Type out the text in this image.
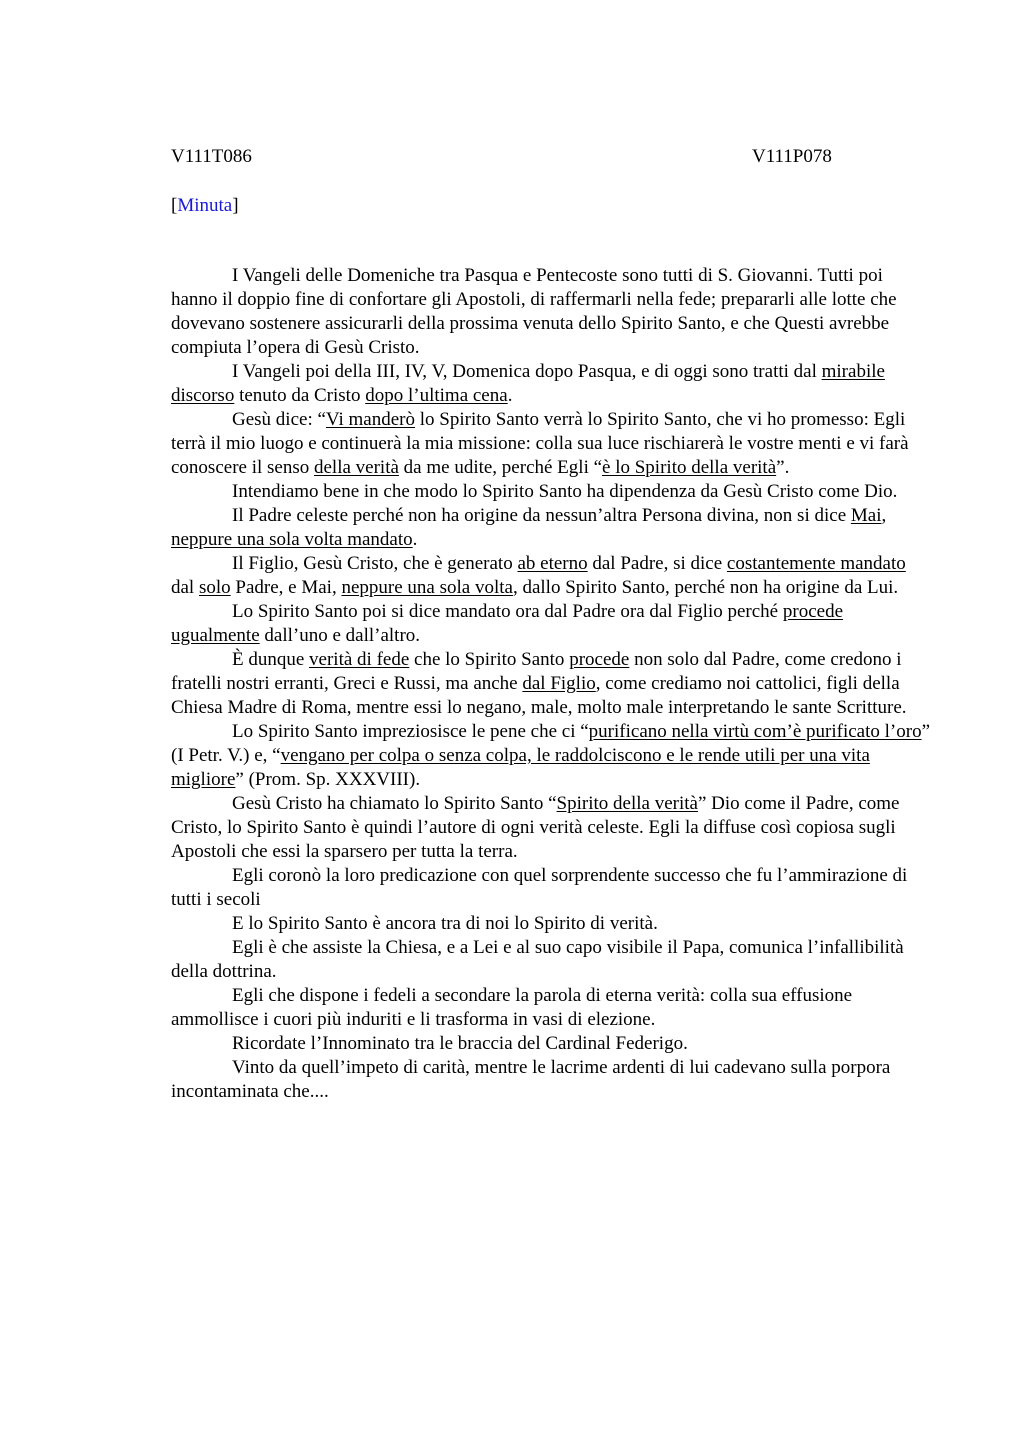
V111T086	V111P078
[Minuta]

I Vangeli delle Domeniche tra Pasqua e Pentecoste sono tutti di S. Giovanni. Tutti poi hanno il doppio fine di confortare gli Apostoli, di raffermarli nella fede; prepararli alle lotte che dovevano sostenere assicurarli della prossima venuta dello Spirito Santo, e che Questi avrebbe compiuta l’opera di Gesù Cristo.

I Vangeli poi della III, IV, V, Domenica dopo Pasqua, e di oggi sono tratti dal mirabile discorso tenuto da Cristo dopo l’ultima cena.

Gesù dice: “Vi manderò lo Spirito Santo verrà lo Spirito Santo, che vi ho promesso: Egli terrà il mio luogo e continuerà la mia missione: colla sua luce rischiarerà le vostre menti e vi farà conoscere il senso della verità da me udite, perché Egli “è lo Spirito della verità”.

Intendiamo bene in che modo lo Spirito Santo ha dipendenza da Gesù Cristo come Dio.

Il Padre celeste perché non ha origine da nessun’altra Persona divina, non si dice Mai, neppure una sola volta mandato.

Il Figlio, Gesù Cristo, che è generato ab eterno dal Padre, si dice costantemente mandato dal solo Padre, e Mai, neppure una sola volta, dallo Spirito Santo, perché non ha origine da Lui.

Lo Spirito Santo poi si dice mandato ora dal Padre ora dal Figlio perché procede ugualmente dall’uno e dall’altro.

È dunque verità di fede che lo Spirito Santo procede non solo dal Padre, come credono i fratelli nostri erranti, Greci e Russi, ma anche dal Figlio, come crediamo noi cattolici, figli della Chiesa Madre di Roma, mentre essi lo negano, male, molto male interpretando le sante Scritture.

Lo Spirito Santo impreziosisce le pene che ci “purificano nella virtù com’è purificato l’oro” (I Petr. V.) e, “vengano per colpa o senza colpa, le raddolciscono e le rende utili per una vita migliore” (Prom. Sp. XXXVIII).

Gesù Cristo ha chiamato lo Spirito Santo “Spirito della verità” Dio come il Padre, come Cristo, lo Spirito Santo è quindi l’autore di ogni verità celeste. Egli la diffuse così copiosa sugli Apostoli che essi la sparsero per tutta la terra.

Egli coronò la loro predicazione con quel sorprendente successo che fu l’ammirazione di tutti i secoli

E lo Spirito Santo è ancora tra di noi lo Spirito di verità.

Egli è che assiste la Chiesa, e a Lei e al suo capo visibile il Papa, comunica l’infallibilità della dottrina.

Egli che dispone i fedeli a secondare la parola di eterna verità: colla sua effusione ammollisce i cuori più induriti e li trasforma in vasi di elezione.

Ricordate l’Innominato tra le braccia del Cardinal Federigo.

Vinto da quell’impeto di carità, mentre le lacrime ardenti di lui cadevano sulla porpora incontaminata che....
